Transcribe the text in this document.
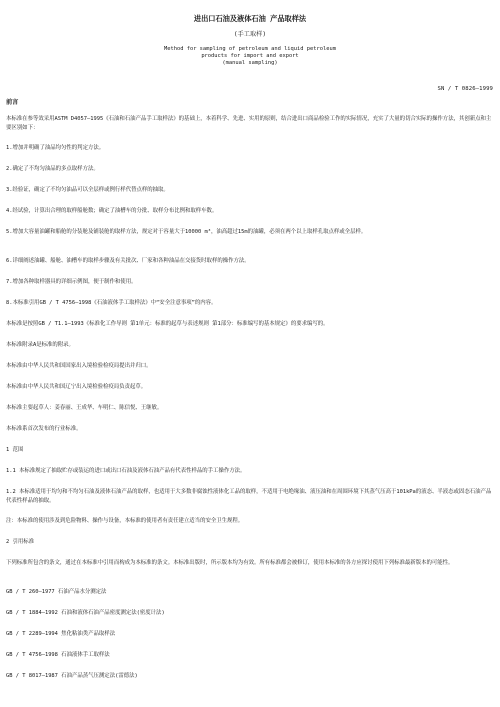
进出口石油及液体石油 产品取样法
(手工取样)
Method for sampling of petroleum and liquid petroleum
products for import and export
(manual sampling)
SN / T 0826—1999
前言
本标准在参等效采用ASTM D4057—1995《石油和石油产品手工取样法》的基础上，本着科学、先进、实用的原则，结合进出口商品检验工作的实际情况，充实了大量的切合实际的操作方法，其创新点和主要区别如下：
1.增加并明确了油品均匀性的判定方法。
2.确定了不均匀油品的多点取样方法。
3.经验证，确定了不均匀油品可以全层样或例行样代替点样的抽取。
4.经试验，计算出合理的取样船舱数；确定了油槽车的分批、取样分布比例和取样车数。
5.增加大容量油罐和船舱的分装舱及铺装舱的取样方法，规定对于容量大于10000 m³，油高超过15m的油罐，必须在两个以上取样孔取点样或全层样。
6.详细阐述油罐、船舱、油槽车的取样步骤及有关批次、厂家和各种油品在交接货时取样的操作方法。
7.增加各种取样器具的详细示例图，便于制作和使用。
8.本标准引用GB / T 4756—1998《石油液体手工取样法》中“安全注意事项”的内容。
本标准是按照GB / T1.1—1993《标准化工作导则 第1单元：标准的起草与表述规则 第1部分：标准编写的基本规定》的要求编写的。
本标准附录A是标准的附录。
本标准由中华人民共和国国家出入境检验检疫局提出并归口。
本标准由中华人民共和国辽宁出入境检验检疫局负责起草。
本标准主要起草人：姜春丽、王成华、车明仁、陈信悦、王继敏。
本标准系首次发布的行业标准。
1 范围
1.1 本标准规定了抽取贮存或装运的进口或出口石油及液体石油产品有代表性样品的手工操作方法。
1.2 本标准适用于均匀和不均匀石油及液体石油产品的取样，也适用于大多数非腐蚀性液体化工品的取样，不适用于电绝缘油、液压油和在周围环境下其蒸气压高于101kPa的液态、半液态或固态石油产品代表性样品的抽取。
注：本标准的使用涉及到危险物料、操作与设备，本标准的使用者有责任建立适当的安全卫生规程。
2 引用标准
下列标准所包含的条文，通过在本标准中引用而构成为本标准的条文。本标准出版时，所示版本均为有效。所有标准都会被修订，使用本标准的各方应探讨使用下列标准最新版本的可能性。
GB / T 260—1977 石油产品水分测定法
GB / T 1884—1992 石油和液体石油产品密度测定法(密度计法)
GB / T 2289—1994 焦化粘油类产品取样法
GB / T 4756—1998 石油液体手工取样法
GB / T 8017—1987 石油产品蒸气压测定法(雷德法)
